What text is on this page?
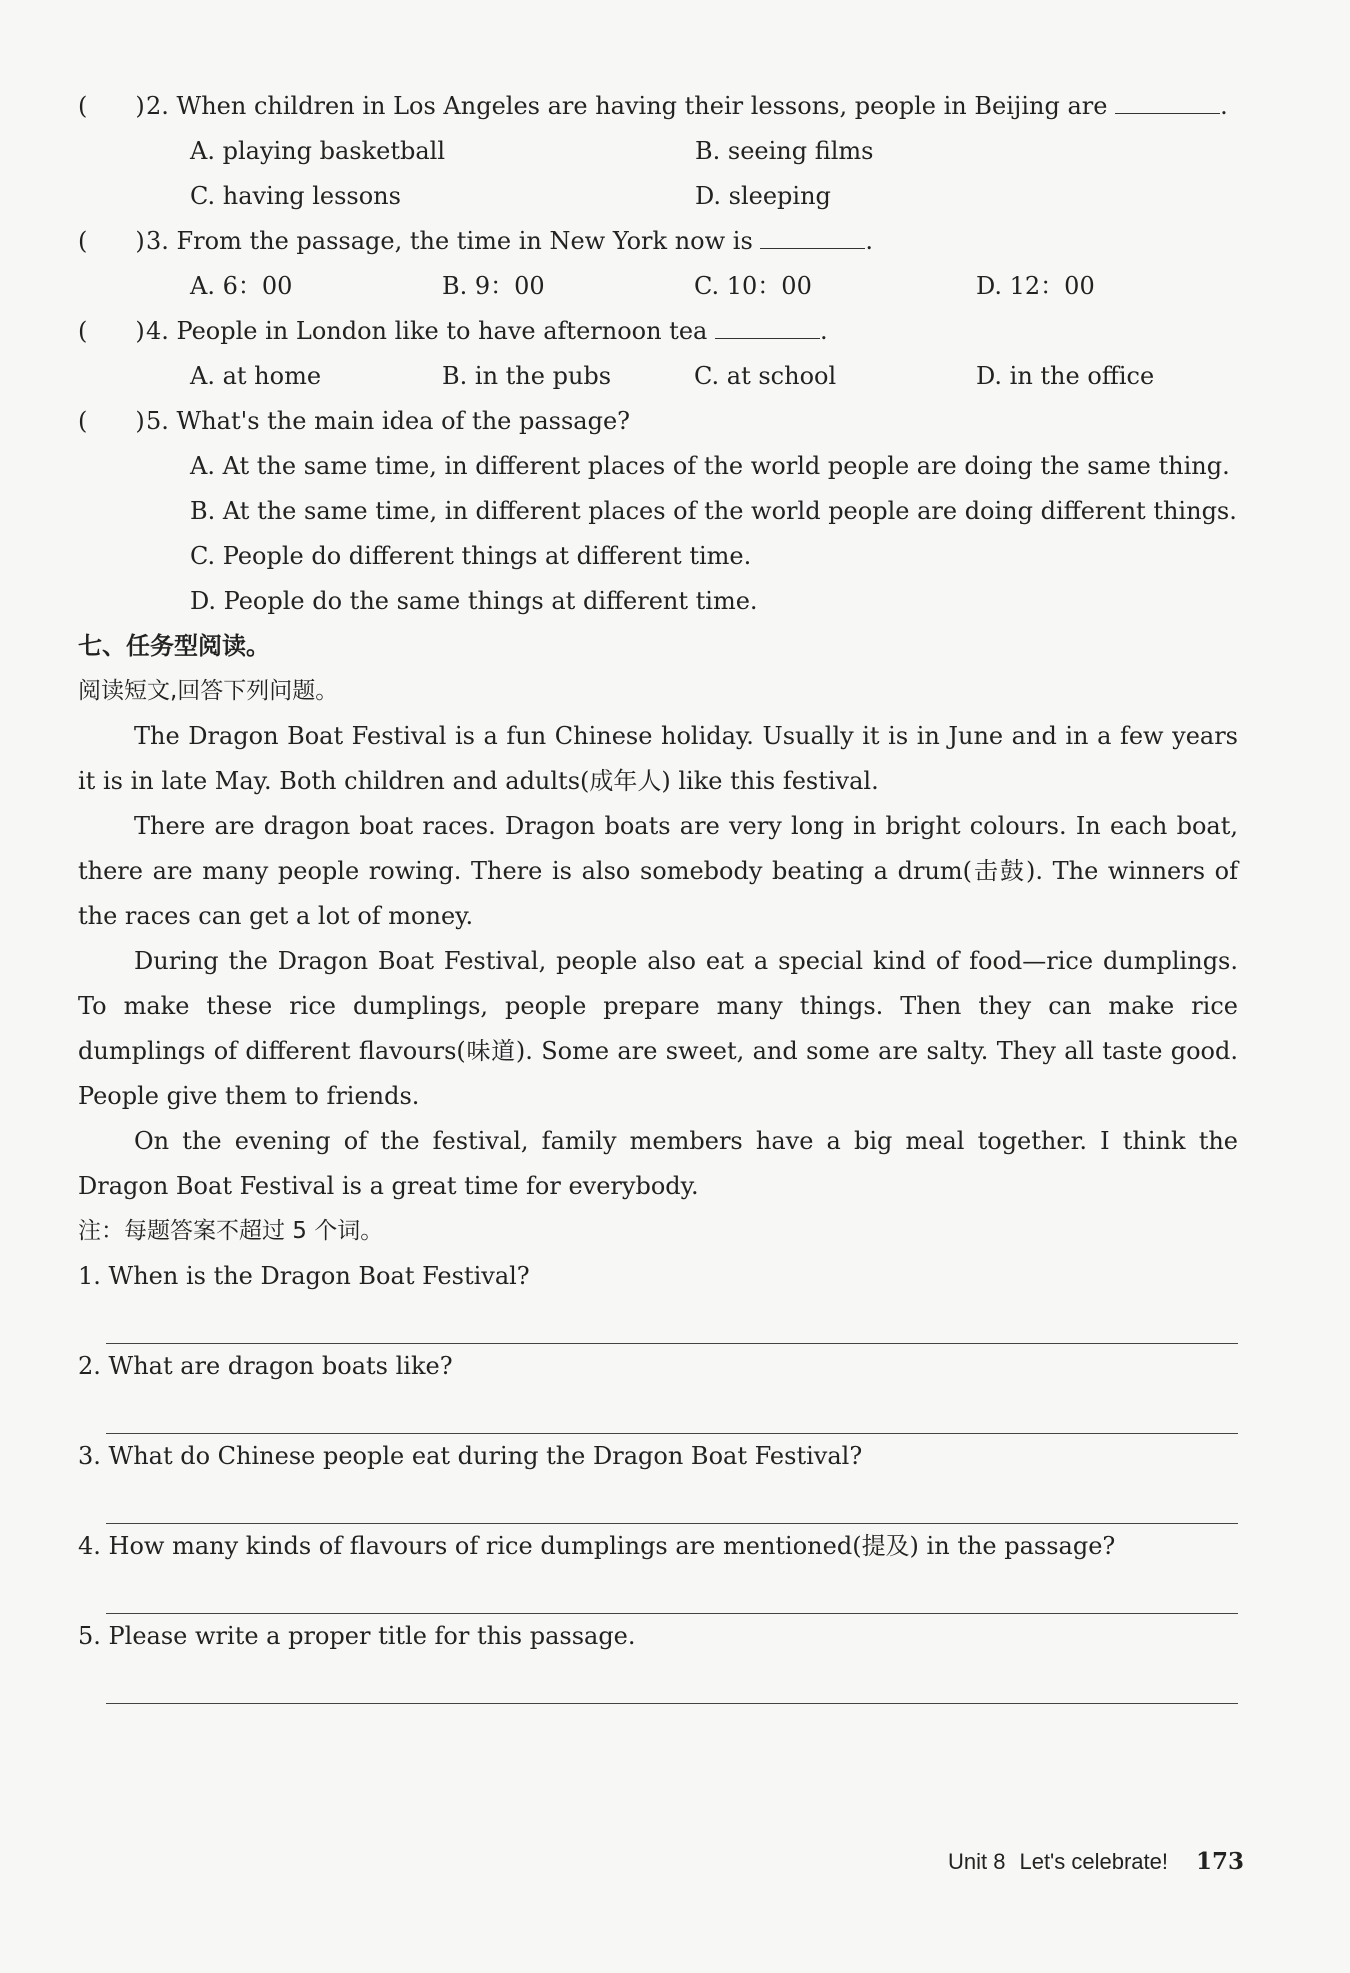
(　　) 2. When children in Los Angeles are having their lessons, people in Beijing are	.
A. playing basketball	B. seeing films
C. having lessons	D. sleeping
(　　) 3. From the passage, the time in New York now is	.
A. 6：00	B. 9：00	C. 10：00	D. 12：00
(　　) 4. People in London like to have afternoon tea	.
A. at home	B. in the pubs	C. at school	D. in the office
(　　) 5. What's the main idea of the passage?
A. At the same time, in different places of the world people are doing the same thing.
B. At the same time, in different places of the world people are doing different things.
C. People do different things at different time.
D. People do the same things at different time.
七、任务型阅读。
阅读短文,回答下列问题。
The Dragon Boat Festival is a fun Chinese holiday. Usually it is in June and in a few years it is in late May. Both children and adults(成年人) like this festival.
There are dragon boat races. Dragon boats are very long in bright colours. In each boat, there are many people rowing. There is also somebody beating a drum(击鼓). The winners of the races can get a lot of money.
During the Dragon Boat Festival, people also eat a special kind of food—rice dumplings. To make these rice dumplings, people prepare many things. Then they can make rice dumplings of different flavours(味道). Some are sweet, and some are salty. They all taste good. People give them to friends.
On the evening of the festival, family members have a big meal together. I think the Dragon Boat Festival is a great time for everybody.
注：每题答案不超过 5 个词。
1. When is the Dragon Boat Festival?
2. What are dragon boats like?
3. What do Chinese people eat during the Dragon Boat Festival?
4. How many kinds of flavours of rice dumplings are mentioned(提及) in the passage?
5. Please write a proper title for this passage.
Unit 8 Let's celebrate! 173
